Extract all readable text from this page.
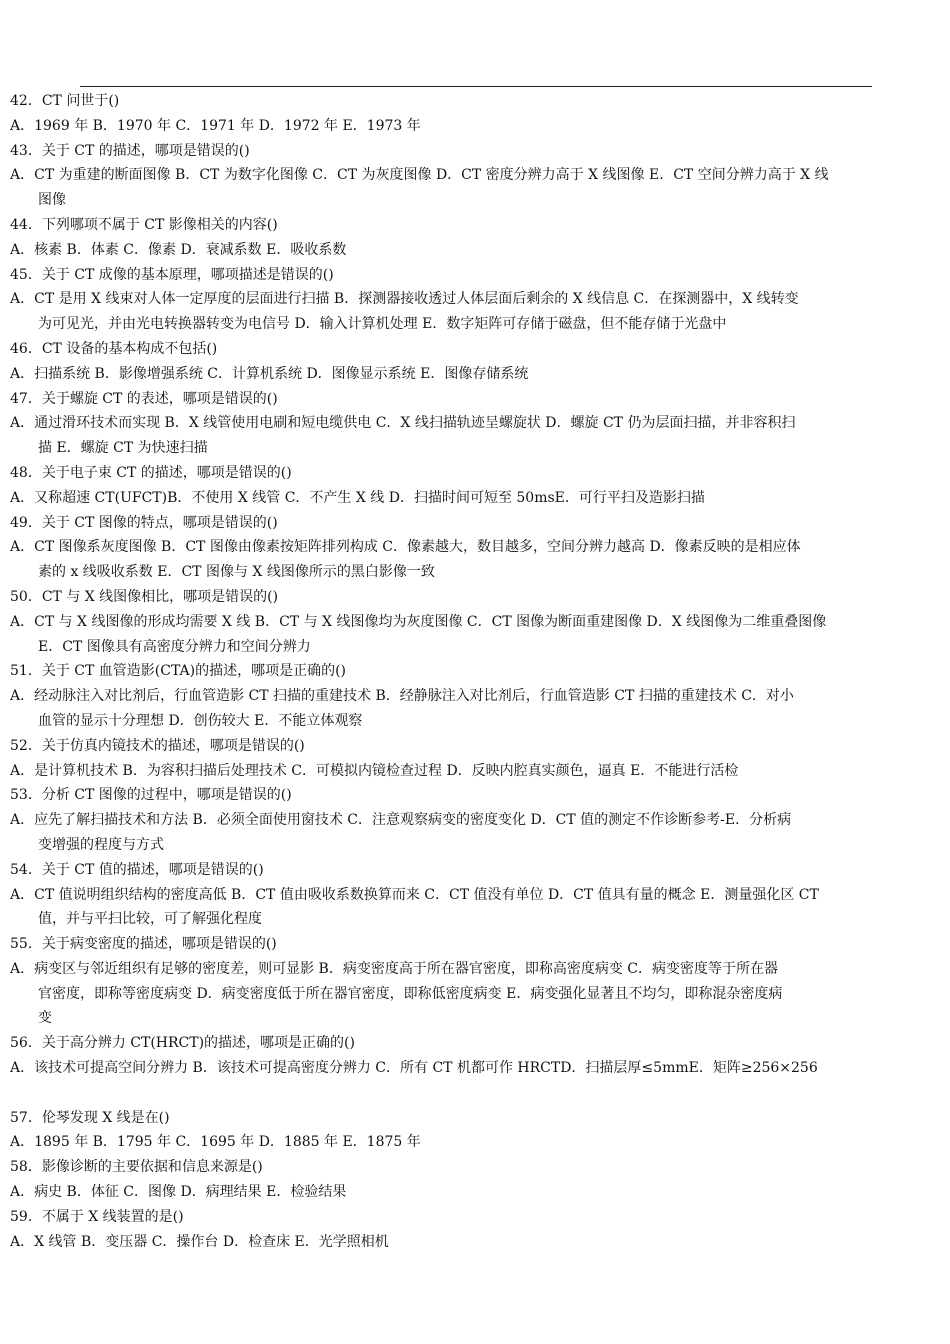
42．CT 问世于()
A．1969 年 B．1970 年 C．1971 年 D．1972 年 E．1973 年
43．关于 CT 的描述，哪项是错误的()
A．CT 为重建的断面图像 B．CT 为数字化图像 C．CT 为灰度图像 D．CT 密度分辨力高于 X 线图像 E．CT 空间分辨力高于 X 线
图像
44．下列哪项不属于 CT 影像相关的内容()
A．核素 B．体素 C．像素 D．衰减系数 E．吸收系数
45．关于 CT 成像的基本原理，哪项描述是错误的()
A．CT 是用 X 线束对人体一定厚度的层面进行扫描 B．探测器接收透过人体层面后剩余的 X 线信息 C．在探测器中，X 线转变
为可见光，并由光电转换器转变为电信号 D．输入计算机处理 E．数字矩阵可存储于磁盘，但不能存储于光盘中
46．CT 设备的基本构成不包括()
A．扫描系统 B．影像增强系统 C．计算机系统 D．图像显示系统 E．图像存储系统
47．关于螺旋 CT 的表述，哪项是错误的()
A．通过滑环技术而实现 B．X 线管使用电刷和短电缆供电 C．X 线扫描轨迹呈螺旋状 D．螺旋 CT 仍为层面扫描，并非容积扫
描 E．螺旋 CT 为快速扫描
48．关于电子束 CT 的描述，哪项是错误的()
A．又称超速 CT(UFCT)B．不使用 X 线管 C．不产生 X 线 D．扫描时间可短至 50msE．可行平扫及造影扫描
49．关于 CT 图像的特点，哪项是错误的()
A．CT 图像系灰度图像 B．CT 图像由像素按矩阵排列构成 C．像素越大，数目越多，空间分辨力越高 D．像素反映的是相应体
素的 x 线吸收系数 E．CT 图像与 X 线图像所示的黑白影像一致
50．CT 与 X 线图像相比，哪项是错误的()
A．CT 与 X 线图像的形成均需要 X 线 B．CT 与 X 线图像均为灰度图像 C．CT 图像为断面重建图像 D．X 线图像为二维重叠图像
E．CT 图像具有高密度分辨力和空间分辨力
51．关于 CT 血管造影(CTA)的描述，哪项是正确的()
A．经动脉注入对比剂后，行血管造影 CT 扫描的重建技术 B．经静脉注入对比剂后，行血管造影 CT 扫描的重建技术 C．对小
血管的显示十分理想 D．创伤较大 E．不能立体观察
52．关于仿真内镜技术的描述，哪项是错误的()
A．是计算机技术 B．为容积扫描后处理技术 C．可模拟内镜检查过程 D．反映内腔真实颜色，逼真 E．不能进行活检
53．分析 CT 图像的过程中，哪项是错误的()
A．应先了解扫描技术和方法 B．必须全面使用窗技术 C．注意观察病变的密度变化 D．CT 值的测定不作诊断参考-E．分析病
变增强的程度与方式
54．关于 CT 值的描述，哪项是错误的()
A．CT 值说明组织结构的密度高低 B．CT 值由吸收系数换算而来 C．CT 值没有单位 D．CT 值具有量的概念 E．测量强化区 CT
值，并与平扫比较，可了解强化程度
55．关于病变密度的描述，哪项是错误的()
A．病变区与邻近组织有足够的密度差，则可显影 B．病变密度高于所在器官密度，即称高密度病变 C．病变密度等于所在器
官密度，即称等密度病变 D．病变密度低于所在器官密度，即称低密度病变 E．病变强化显著且不均匀，即称混杂密度病
变
56．关于高分辨力 CT(HRCT)的描述，哪项是正确的()
A．该技术可提高空间分辨力 B．该技术可提高密度分辨力 C．所有 CT 机都可作 HRCTD．扫描层厚≤5mmE．矩阵≥256×256
57．伦琴发现 X 线是在()
A．1895 年 B．1795 年 C．1695 年 D．1885 年 E．1875 年
58．影像诊断的主要依据和信息来源是()
A．病史 B．体征 C．图像 D．病理结果 E．检验结果
59．不属于 X 线装置的是()
A．X 线管 B．变压器 C．操作台 D．检查床 E．光学照相机
